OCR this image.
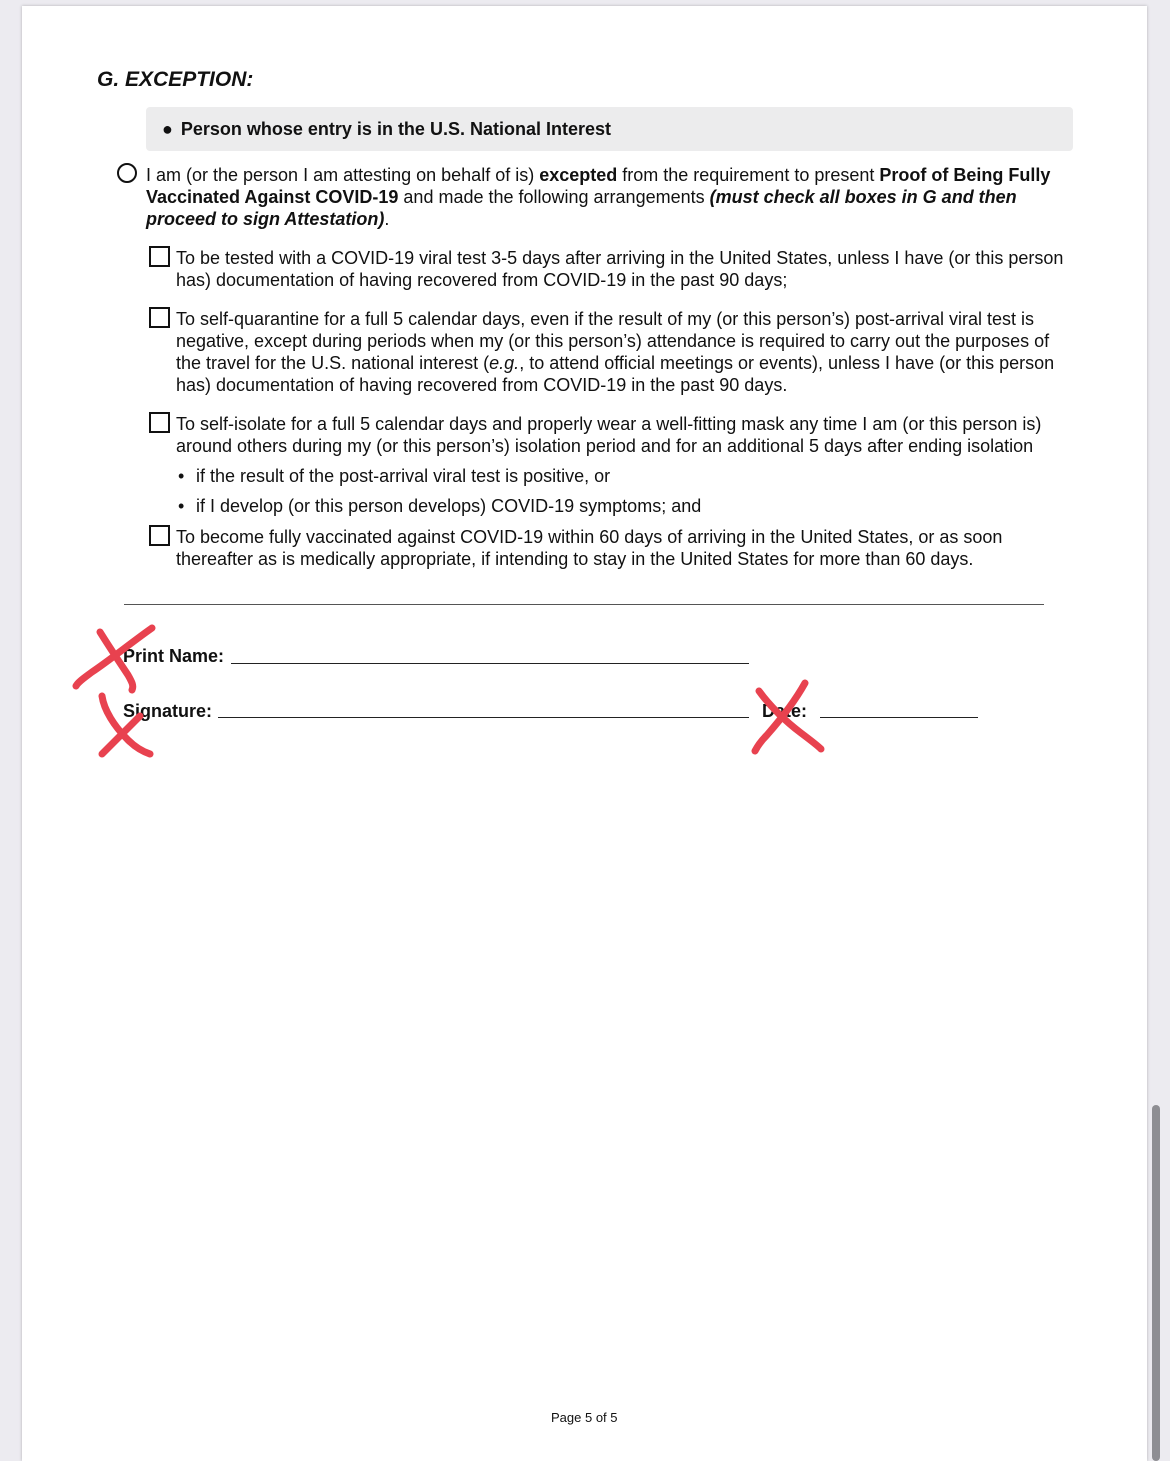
G. EXCEPTION:
● Person whose entry is in the U.S. National Interest
I am (or the person I am attesting on behalf of is) excepted from the requirement to present Proof of Being Fully Vaccinated Against COVID-19 and made the following arrangements (must check all boxes in G and then proceed to sign Attestation).
To be tested with a COVID-19 viral test 3-5 days after arriving in the United States, unless I have (or this person has) documentation of having recovered from COVID-19 in the past 90 days;
To self-quarantine for a full 5 calendar days, even if the result of my (or this person’s) post-arrival viral test is negative, except during periods when my (or this person’s) attendance is required to carry out the purposes of the travel for the U.S. national interest (e.g., to attend official meetings or events), unless I have (or this person has) documentation of having recovered from COVID-19 in the past 90 days.
To self-isolate for a full 5 calendar days and properly wear a well-fitting mask any time I am (or this person is) around others during my (or this person’s) isolation period and for an additional 5 days after ending isolation
• if the result of the post-arrival viral test is positive, or
• if I develop (or this person develops) COVID-19 symptoms; and
To become fully vaccinated against COVID-19 within 60 days of arriving in the United States, or as soon thereafter as is medically appropriate, if intending to stay in the United States for more than 60 days.
Print Name:
Signature:	Date:
Page 5 of 5
